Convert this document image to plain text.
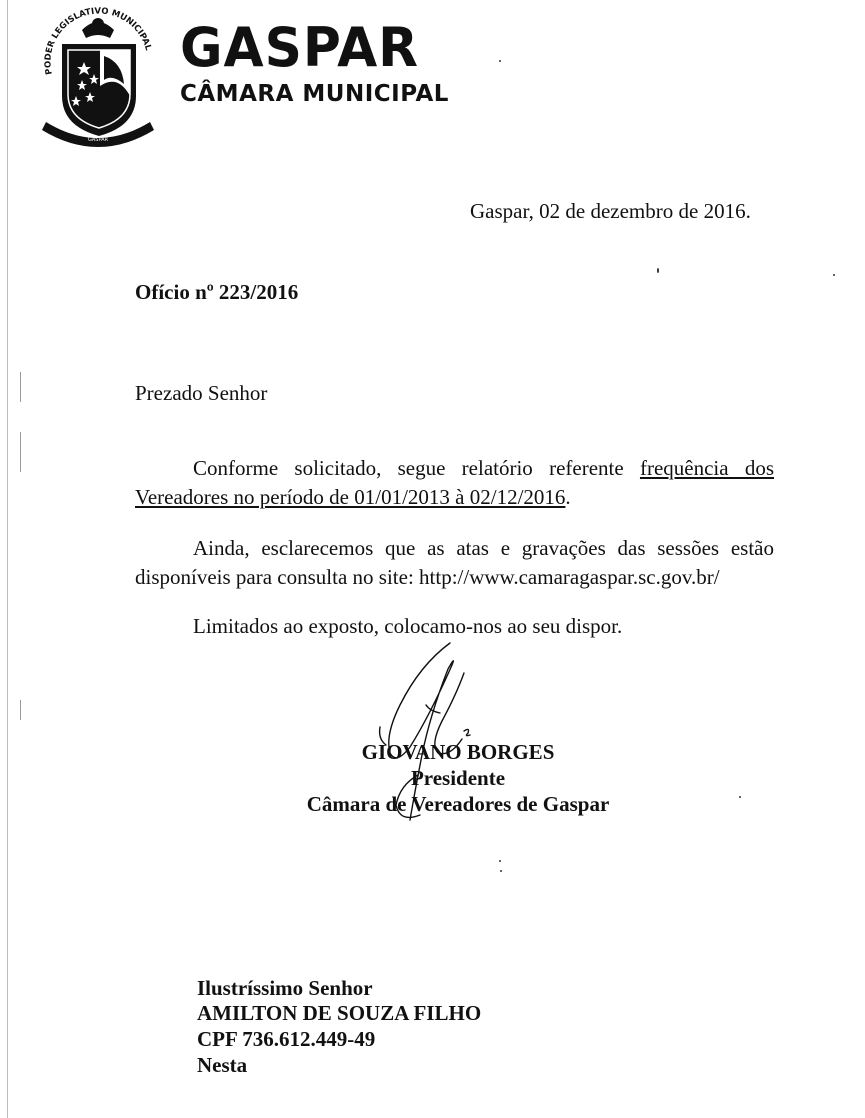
PODER LEGISLATIVO MUNICIPAL
GASPAR
GASPAR
CÂMARA MUNICIPAL
Gaspar, 02 de dezembro de 2016.
Ofício nº 223/2016
Prezado Senhor

Conforme solicitado, segue relatório referente frequência dos Vereadores no período de 01/01/2013 à 02/12/2016.

Ainda, esclarecemos que as atas e gravações das sessões estão disponíveis para consulta no site: http://www.camaragaspar.sc.gov.br/

Limitados ao exposto, colocamo-nos ao seu dispor.

GIOVANO BORGES
Presidente
Câmara de Vereadores de Gaspar
Ilustríssimo Senhor
AMILTON DE SOUZA FILHO
CPF 736.612.449-49
Nesta
